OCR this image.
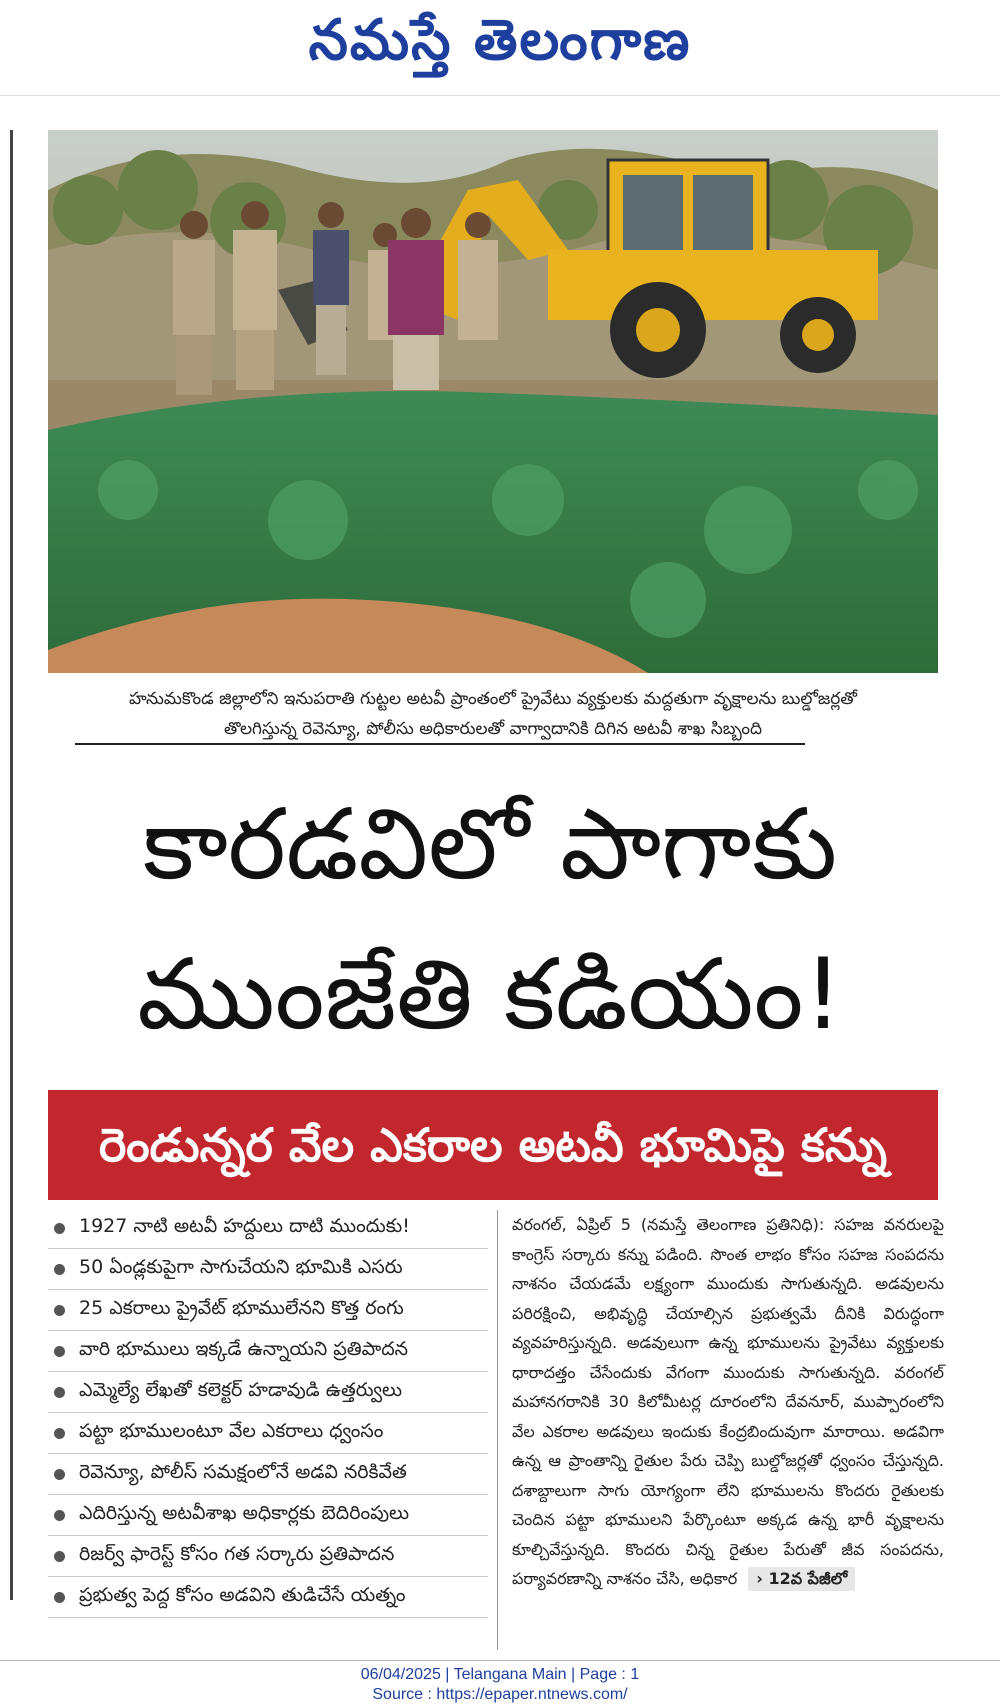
నమస్తే తెలంగాణ
హనుమకొండ జిల్లాలోని ఇనుపరాతి గుట్టల అటవీ ప్రాంతంలో ప్రైవేటు వ్యక్తులకు మద్దతుగా వృక్షాలను బుల్డోజర్లతో
తొలగిస్తున్న రెవెన్యూ, పోలీసు అధికారులతో వాగ్వాదానికి దిగిన అటవీ శాఖ సిబ్బంది
కారడవిలో పాగాకు
ముంజేతి కడియం!
రెండున్నర వేల ఎకరాల అటవీ భూమిపై కన్ను
1927 నాటి అటవీ హద్దులు దాటి ముందుకు!
50 ఏండ్లకుపైగా సాగుచేయని భూమికి ఎసరు
25 ఎకరాలు ప్రైవేట్ భూములేనని కొత్త రంగు
వారి భూములు ఇక్కడే ఉన్నాయని ప్రతిపాదన
ఎమ్మెల్యే లేఖతో కలెక్టర్ హడావుడి ఉత్తర్వులు
పట్టా భూములంటూ వేల ఎకరాలు ధ్వంసం
రెవెన్యూ, పోలీస్ సమక్షంలోనే అడవి నరికివేత
ఎదిరిస్తున్న అటవీశాఖ అధికార్లకు బెదిరింపులు
రిజర్వ్ ఫారెస్ట్ కోసం గత సర్కారు ప్రతిపాదన
ప్రభుత్వ పెద్ద కోసం అడవిని తుడిచేసే యత్నం
వరంగల్, ఏప్రిల్ 5 (నమస్తే తెలంగాణ ప్రతినిధి): సహజ వనరులపై కాంగ్రెస్ సర్కారు కన్ను పడింది. సొంత లాభం కోసం సహజ సంపదను నాశనం చేయడమే లక్ష్యంగా ముందుకు సాగుతున్నది. అడవులను పరిరక్షించి, అభివృద్ధి చేయాల్సిన ప్రభుత్వమే దీనికి విరుద్ధంగా వ్యవహరిస్తున్నది. అడవులుగా ఉన్న భూములను ప్రైవేటు వ్యక్తులకు ధారాదత్తం చేసేందుకు వేగంగా ముందుకు సాగుతున్నది. వరంగల్ మహానగరానికి 30 కిలోమీటర్ల దూరంలోని దేవనూర్, ముప్పారంలోని వేల ఎకరాల అడవులు ఇందుకు కేంద్రబిందువుగా మారాయి. అడవిగా ఉన్న ఆ ప్రాంతాన్ని రైతుల పేరు చెప్పి బుల్డోజర్లతో ధ్వంసం చేస్తున్నది. దశాబ్దాలుగా సాగు యోగ్యంగా లేని భూములను కొందరు రైతులకు చెందిన పట్టా భూములని పేర్కొంటూ అక్కడ ఉన్న భారీ వృక్షాలను కూల్చివేస్తున్నది. కొందరు చిన్న రైతుల పేరుతో జీవ సంపదను, పర్యావరణాన్ని నాశనం చేసి, అధికార › 12వ పేజీలో
06/04/2025 | Telangana Main | Page : 1
Source : https://epaper.ntnews.com/
